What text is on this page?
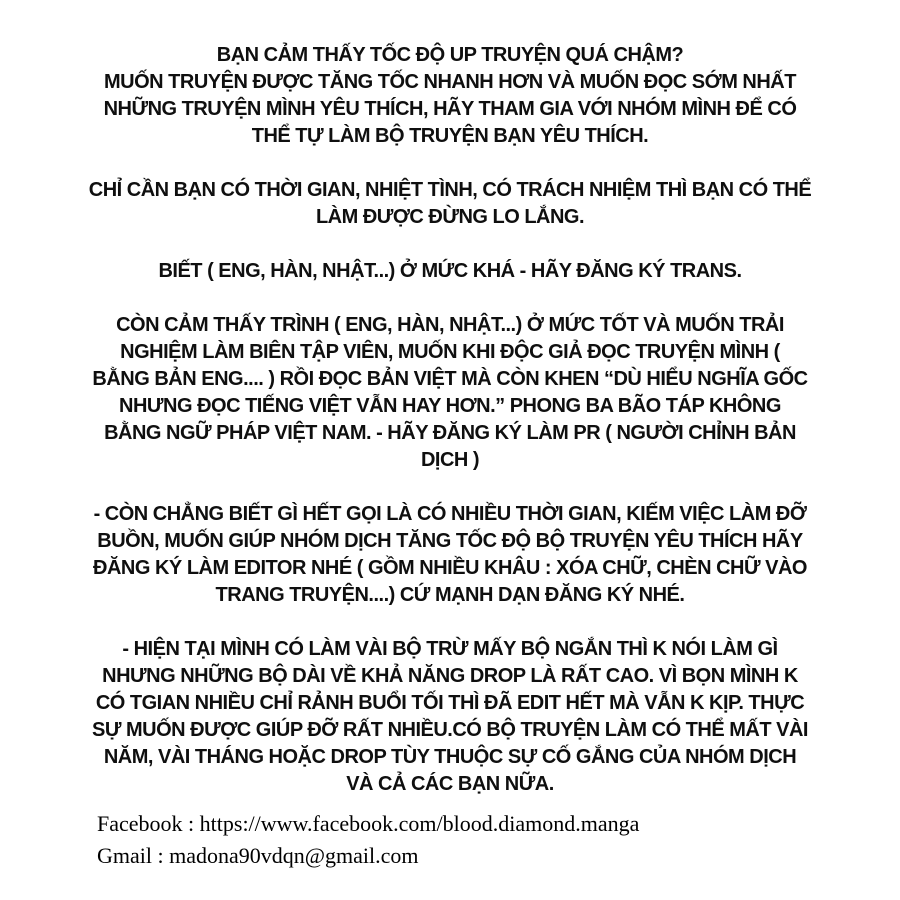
BẠN CẢM THẤY TỐC ĐỘ UP TRUYỆN QUÁ CHẬM?
MUỐN TRUYỆN ĐƯỢC TĂNG TỐC NHANH HƠN VÀ MUỐN ĐỌC SỚM NHẤT
NHỮNG TRUYỆN MÌNH YÊU THÍCH, HÃY THAM GIA VỚI NHÓM MÌNH ĐỂ CÓ
THỂ TỰ LÀM BỘ TRUYỆN BẠN YÊU THÍCH.

CHỈ CẦN BẠN CÓ THỜI GIAN, NHIỆT TÌNH, CÓ TRÁCH NHIỆM THÌ BẠN CÓ THỂ
LÀM ĐƯỢC ĐỪNG LO LẮNG.

BIẾT ( ENG, HÀN, NHẬT...) Ở MỨC KHÁ - HÃY ĐĂNG KÝ TRANS.

CÒN CẢM THẤY TRÌNH ( ENG, HÀN, NHẬT...) Ở MỨC TỐT VÀ MUỐN TRẢI
NGHIỆM LÀM BIÊN TẬP VIÊN, MUỐN KHI ĐỘC GIẢ ĐỌC TRUYỆN MÌNH (
BẰNG BẢN ENG.... ) RỒI ĐỌC BẢN VIỆT MÀ CÒN KHEN “DÙ HIỂU NGHĨA GỐC
NHƯNG ĐỌC TIẾNG VIỆT VẪN HAY HƠN.” PHONG BA BÃO TÁP KHÔNG
BẰNG NGỮ PHÁP VIỆT NAM. - HÃY ĐĂNG KÝ LÀM PR ( NGƯỜI CHỈNH BẢN
DỊCH )

- CÒN CHẲNG BIẾT GÌ HẾT GỌI LÀ CÓ NHIỀU THỜI GIAN, KIẾM VIỆC LÀM ĐỠ
BUỒN, MUỐN GIÚP NHÓM DỊCH TĂNG TỐC ĐỘ BỘ TRUYỆN YÊU THÍCH HÃY
ĐĂNG KÝ LÀM EDITOR NHÉ ( GỒM NHIỀU KHÂU : XÓA CHỮ, CHÈN CHỮ VÀO
TRANG TRUYỆN....) CỨ MẠNH DẠN ĐĂNG KÝ NHÉ.

- HIỆN TẠI MÌNH CÓ LÀM VÀI BỘ TRỪ MẤY BỘ NGẮN THÌ K NÓI LÀM GÌ
NHƯNG NHỮNG BỘ DÀI VỀ KHẢ NĂNG DROP LÀ RẤT CAO. VÌ BỌN MÌNH K
CÓ TGIAN NHIỀU CHỈ RẢNH BUỔI TỐI THÌ ĐÃ EDIT HẾT MÀ VẪN K KỊP. THỰC
SỰ MUỐN ĐƯỢC GIÚP ĐỠ RẤT NHIỀU.CÓ BỘ TRUYỆN LÀM CÓ THỂ MẤT VÀI
NĂM, VÀI THÁNG HOẶC DROP TÙY THUỘC SỰ CỐ GẮNG CỦA NHÓM DỊCH
VÀ CẢ CÁC BẠN NỮA.

Facebook : https://www.facebook.com/blood.diamond.manga
Gmail : madona90vdqn@gmail.com
